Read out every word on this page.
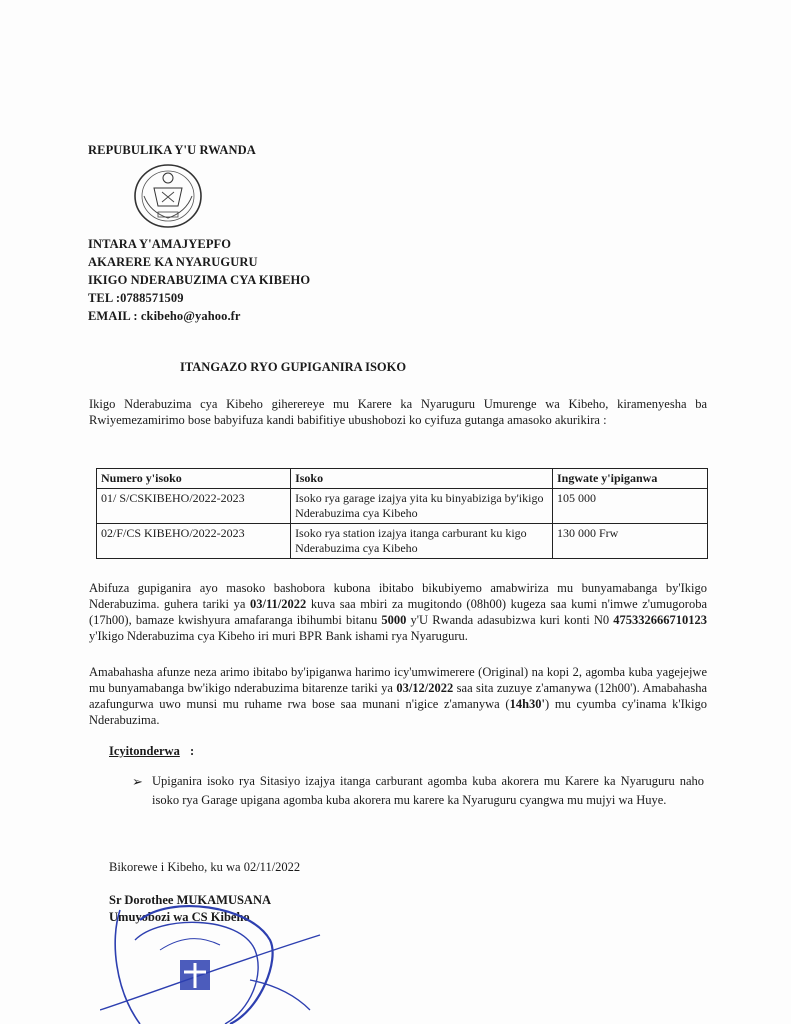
REPUBULIKA Y'U RWANDA
INTARA Y'AMAJYEPFO
AKARERE KA NYARUGURU
IKIGO NDERABUZIMA CYA KIBEHO
TEL :0788571509
EMAIL : ckibeho@yahoo.fr
ITANGAZO RYO GUPIGANIRA ISOKO
Ikigo Nderabuzima cya Kibeho giherereye mu Karere ka Nyaruguru Umurenge wa Kibeho, kiramenyesha ba Rwiyemezamirimo bose babyifuza kandi babifitiye ubushobozi ko cyifuza gutanga amasoko akurikira :
Numero y'isoko	Isoko	Ingwate y'ipiganwa
01/ S/CSKIBEHO/2022-2023	Isoko rya garage izajya yita ku binyabiziga by'ikigo Nderabuzima cya Kibeho	105 000
02/F/CS KIBEHO/2022-2023	Isoko rya station izajya itanga carburant ku kigo Nderabuzima cya Kibeho	130 000 Frw
Abifuza gupiganira ayo masoko bashobora kubona ibitabo bikubiyemo amabwiriza mu bunyamabanga by'Ikigo Nderabuzima. guhera tariki ya 03/11/2022 kuva saa mbiri za mugitondo (08h00) kugeza saa kumi n'imwe z'umugoroba (17h00), bamaze kwishyura amafaranga ibihumbi bitanu 5000 y'U Rwanda adasubizwa kuri konti N0 475332666710123 y'Ikigo Nderabuzima cya Kibeho iri muri BPR Bank ishami rya Nyaruguru.
Amabahasha afunze neza arimo ibitabo by'ipiganwa harimo icy'umwimerere (Original) na kopi 2, agomba kuba yagejejwe mu bunyamabanga bw'ikigo nderabuzima bitarenze tariki ya 03/12/2022 saa sita zuzuye z'amanywa (12h00'). Amabahasha azafungurwa uwo munsi mu ruhame rwa bose saa munani n'igice z'amanywa (14h30') mu cyumba cy'inama k'Ikigo Nderabuzima.
Icyitonderwa :
➢ Upiganira isoko rya Sitasiyo izajya itanga carburant agomba kuba akorera mu Karere ka Nyaruguru naho isoko rya Garage upigana agomba kuba akorera mu karere ka Nyaruguru cyangwa mu mujyi wa Huye.
Bikorewe i Kibeho, ku wa 02/11/2022
Sr Dorothee MUKAMUSANA
Umuyobozi wa CS Kibeho
